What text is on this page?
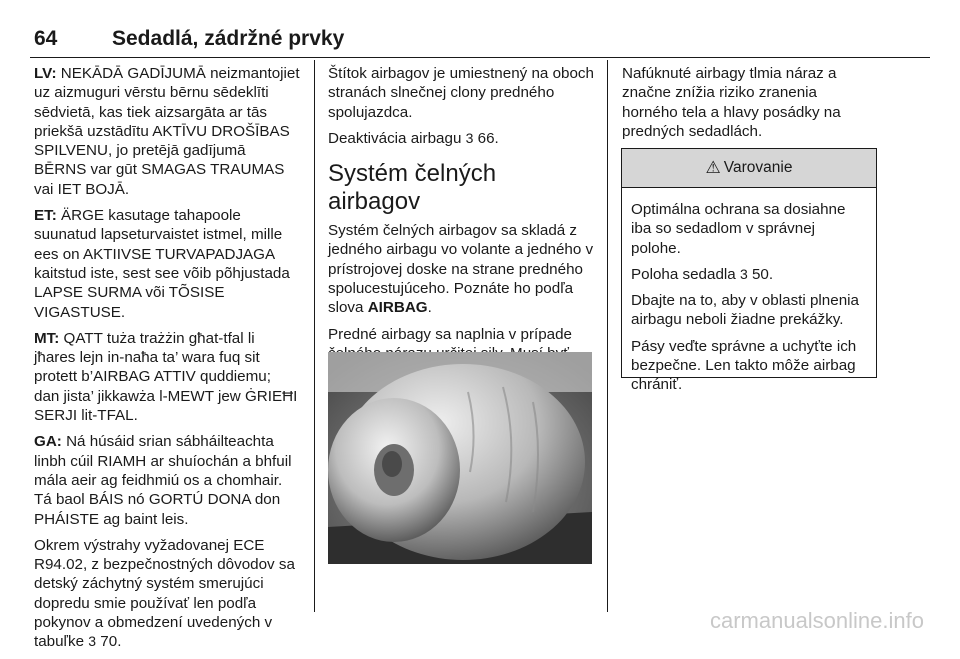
64	Sedadlá, zádržné prvky

LV: NEKĀDĀ GADĪJUMĀ neizmantojiet uz aizmuguri vērstu bērnu sēdeklīti sēdvietā, kas tiek aizsargāta ar tās priekšā uzstādītu AKTĪVU DROŠĪBAS SPILVENU, jo pretējā gadījumā BĒRNS var gūt SMAGAS TRAUMAS vai IET BOJĀ.

ET: ÄRGE kasutage tahapoole suunatud lapseturvaistet istmel, mille ees on AKTIIVSE TURVAPADJAGA kaitstud iste, sest see võib põhjustada LAPSE SURMA või TÕSISE VIGASTUSE.

MT: QATT tuża trażżin għat-tfal li jħares lejn in-naħa ta’ wara fuq sit protett b’AIRBAG ATTIV quddiemu; dan jista’ jikkawża l-MEWT jew ĠRIEĦI SERJI lit-TFAL.

GA: Ná húsáid srian sábháilteachta linbh cúil RIAMH ar shuíochán a bhfuil mála aeir ag feidhmiú os a chomhair. Tá baol BÁIS nó GORTÚ DONA don PHÁISTE ag baint leis.

Okrem výstrahy vyžadovanej ECE R94.02, z bezpečnostných dôvodov sa detský záchytný systém smerujúci dopredu smie používať len podľa pokynov a obmedzení uvedených v tabuľke 3 70.

Štítok airbagov je umiestnený na oboch stranách slnečnej clony predného spolujazdca.

Deaktivácia airbagu 3 66.

Systém čelných airbagov

Systém čelných airbagov sa skladá z jedného airbagu vo volante a jedného v prístrojovej doske na strane predného spolucestujúceho. Poznáte ho podľa slova AIRBAG.

Predné airbagy sa naplnia v prípade

Nafúknuté airbagy tlmia náraz a značne znížia riziko zranenia horného tela a hlavy posádky na predných sedadlách.

⚠ Varovanie

Optimálna ochrana sa dosiahne iba so sedadlom v správnej polohe.

Poloha sedadla 3 50.

Dbajte na to, aby v oblasti plnenia airbagu neboli žiadne prekážky.

Pásy veďte správne a uchyťte ich bezpečne. Len takto môže airbag chrániť.

carmanualsonline.info
